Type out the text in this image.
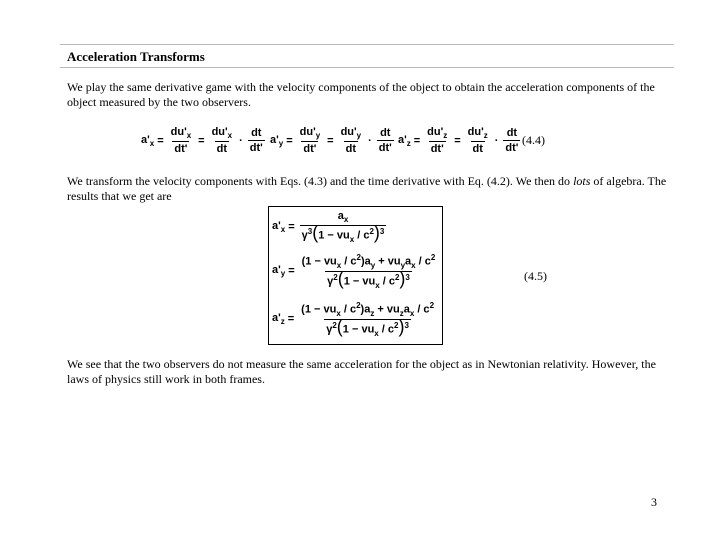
Acceleration Transforms
We play the same derivative game with the velocity components of the object to obtain the acceleration components of the object measured by the two observers.
$a'_x = \frac{du'_x}{dt'} = \frac{du'_x}{dt} \cdot \frac{dt}{dt'} a'_y = \frac{du'_y}{dt'} = \frac{du'_y}{dt} \cdot \frac{dt}{dt'} a'_z = \frac{du'_z}{dt'} = \frac{du'_z}{dt} \cdot \frac{dt}{dt'} (4.4)$
We transform the velocity components with Eqs. (4.3) and the time derivative with Eq. (4.2). We then do lots of algebra. The results that we get are
$a'_x = \frac{a_x}{\gamma^3(1 - vu_x / c^2)^3}$
$a'_y = \frac{(1 - vu_x / c^2)a_y + vu_ya_x / c^2}{\gamma^2(1 - vu_x / c^2)^3}$
$a'_z = \frac{(1 - vu_x / c^2)a_z + vu_za_x / c^2}{\gamma^2(1 - vu_x / c^2)^3}$
(4.5)
We see that the two observers do not measure the same acceleration for the object as in Newtonian relativity. However, the laws of physics still work in both frames.
3
